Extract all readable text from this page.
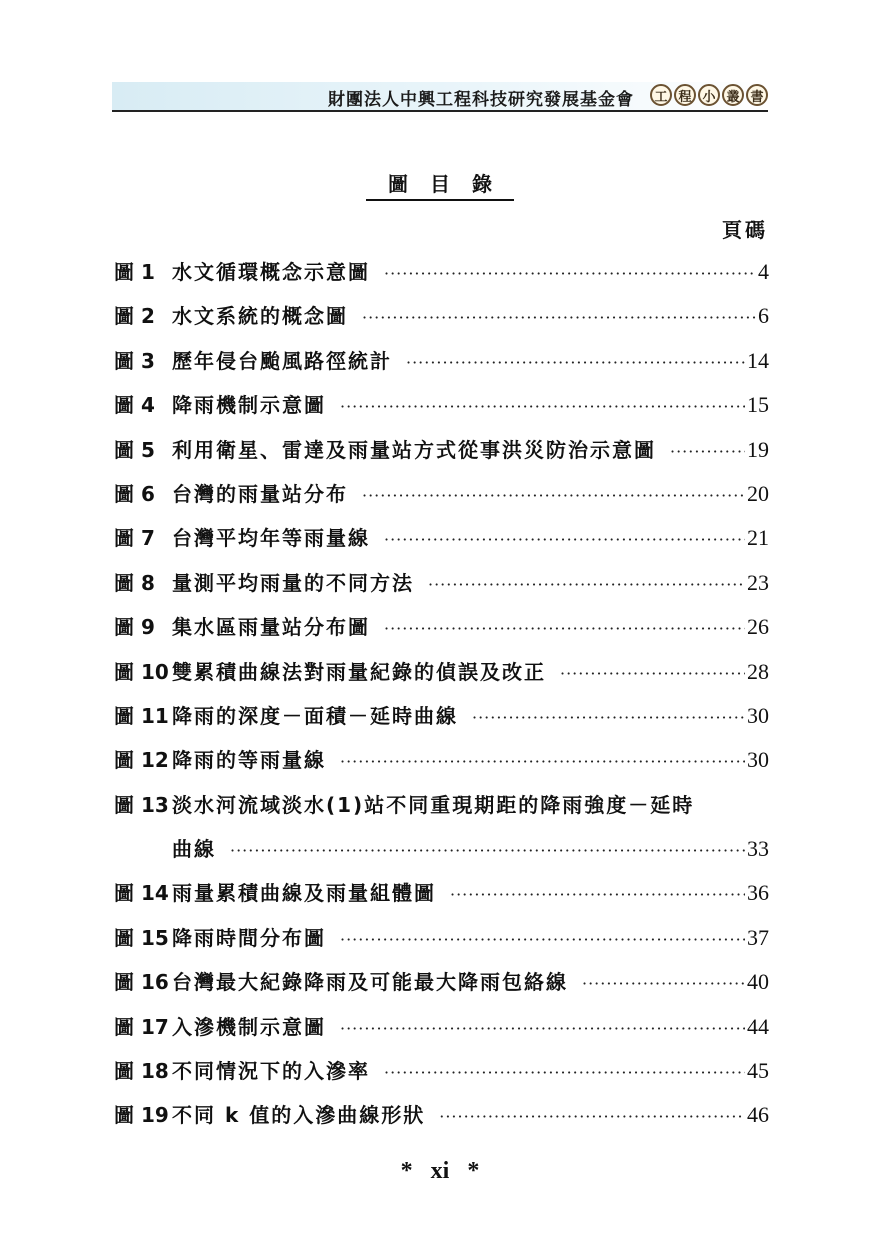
財團法人中興工程科技研究發展基金會	工 程 小 叢 書
圖目錄
頁碼
圖 1 水文循環概念示意圖 ·····	4
圖 2 水文系統的概念圖 ·····	6
圖 3 歷年侵台颱風路徑統計 ·····	14
圖 4 降雨機制示意圖 ·····	15
圖 5 利用衛星、雷達及雨量站方式從事洪災防治示意圖 ·····	19
圖 6 台灣的雨量站分布 ·····	20
圖 7 台灣平均年等雨量線 ·····	21
圖 8 量測平均雨量的不同方法 ·····	23
圖 9 集水區雨量站分布圖 ·····	26
圖 10 雙累積曲線法對雨量紀錄的偵誤及改正 ·····	28
圖 11 降雨的深度－面積－延時曲線 ·····	30
圖 12 降雨的等雨量線 ·····	30
圖 13 淡水河流域淡水(1)站不同重現期距的降雨強度－延時
曲線 ·····	33
圖 14 雨量累積曲線及雨量組體圖 ·····	36
圖 15 降雨時間分布圖 ·····	37
圖 16 台灣最大紀錄降雨及可能最大降雨包絡線 ·····	40
圖 17 入滲機制示意圖 ·····	44
圖 18 不同情況下的入滲率 ·····	45
圖 19 不同 k 值的入滲曲線形狀 ·····	46
* xi *
